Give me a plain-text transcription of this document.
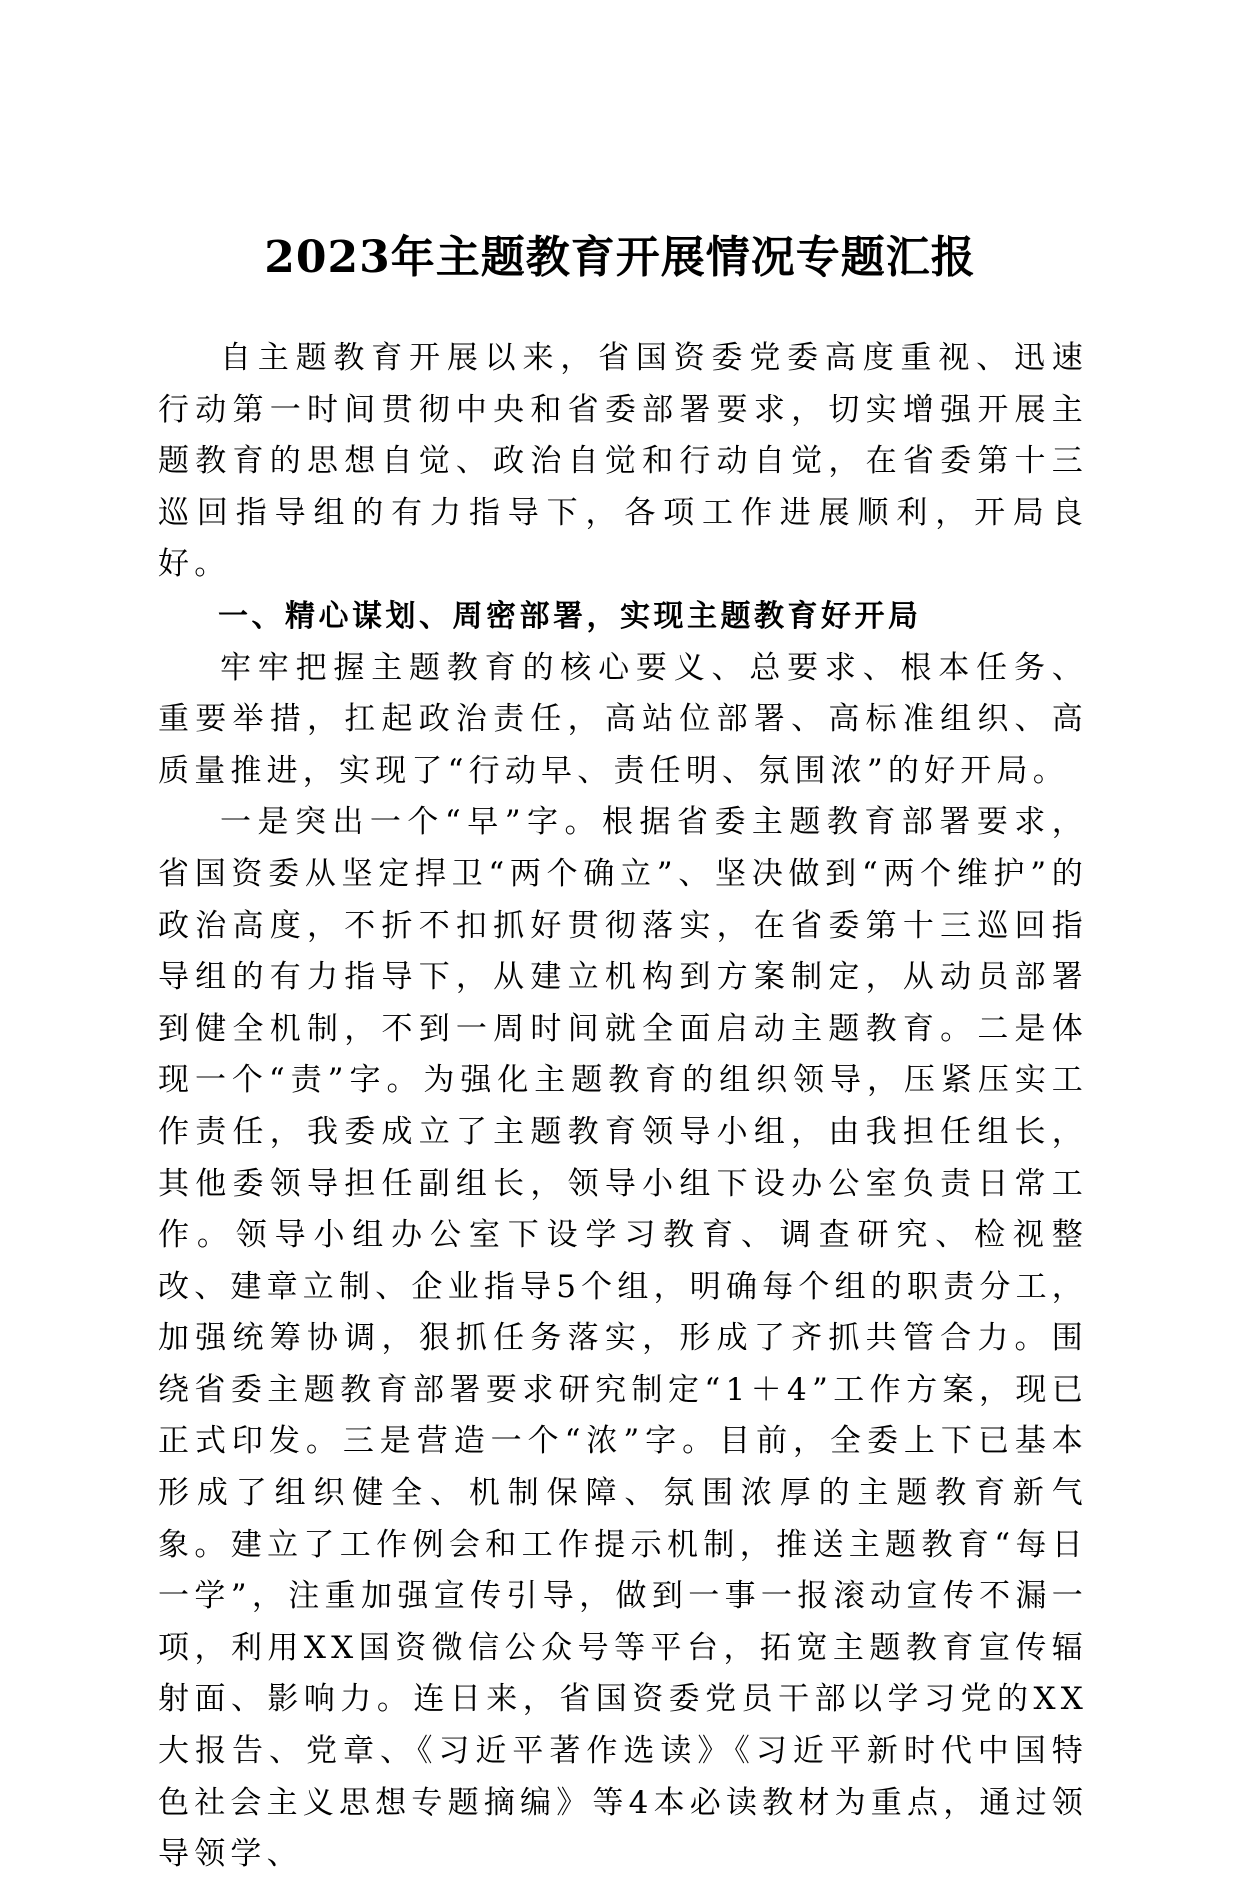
2023年主题教育开展情况专题汇报

自主题教育开展以来，省国资委党委高度重视、迅速行动第一时间贯彻中央和省委部署要求，切实增强开展主题教育的思想自觉、政治自觉和行动自觉，在省委第十三巡回指导组的有力指导下，各项工作进展顺利，开局良好。

一、精心谋划、周密部署，实现主题教育好开局

牢牢把握主题教育的核心要义、总要求、根本任务、重要举措，扛起政治责任，高站位部署、高标准组织、高质量推进，实现了“行动早、责任明、氛围浓”的好开局。

一是突出一个“早”字。根据省委主题教育部署要求，省国资委从坚定捍卫“两个确立”、坚决做到“两个维护”的政治高度，不折不扣抓好贯彻落实，在省委第十三巡回指导组的有力指导下，从建立机构到方案制定，从动员部署到健全机制，不到一周时间就全面启动主题教育。二是体现一个“责”字。为强化主题教育的组织领导，压紧压实工作责任，我委成立了主题教育领导小组，由我担任组长，其他委领导担任副组长，领导小组下设办公室负责日常工作。领导小组办公室下设学习教育、调查研究、检视整改、建章立制、企业指导5个组，明确每个组的职责分工，加强统筹协调，狠抓任务落实，形成了齐抓共管合力。围绕省委主题教育部署要求研究制定“1＋4”工作方案，现已正式印发。三是营造一个“浓”字。目前，全委上下已基本形成了组织健全、机制保障、氛围浓厚的主题教育新气象。建立了工作例会和工作提示机制，推送主题教育“每日一学”，注重加强宣传引导，做到一事一报滚动宣传不漏一项，利用XX国资微信公众号等平台，拓宽主题教育宣传辐射面、影响力。连日来，省国资委党员干部以学习党的XX大报告、党章、《习近平著作选读》《习近平新时代中国特色社会主义思想专题摘编》等4本必读教材为重点，通过领导领学、
